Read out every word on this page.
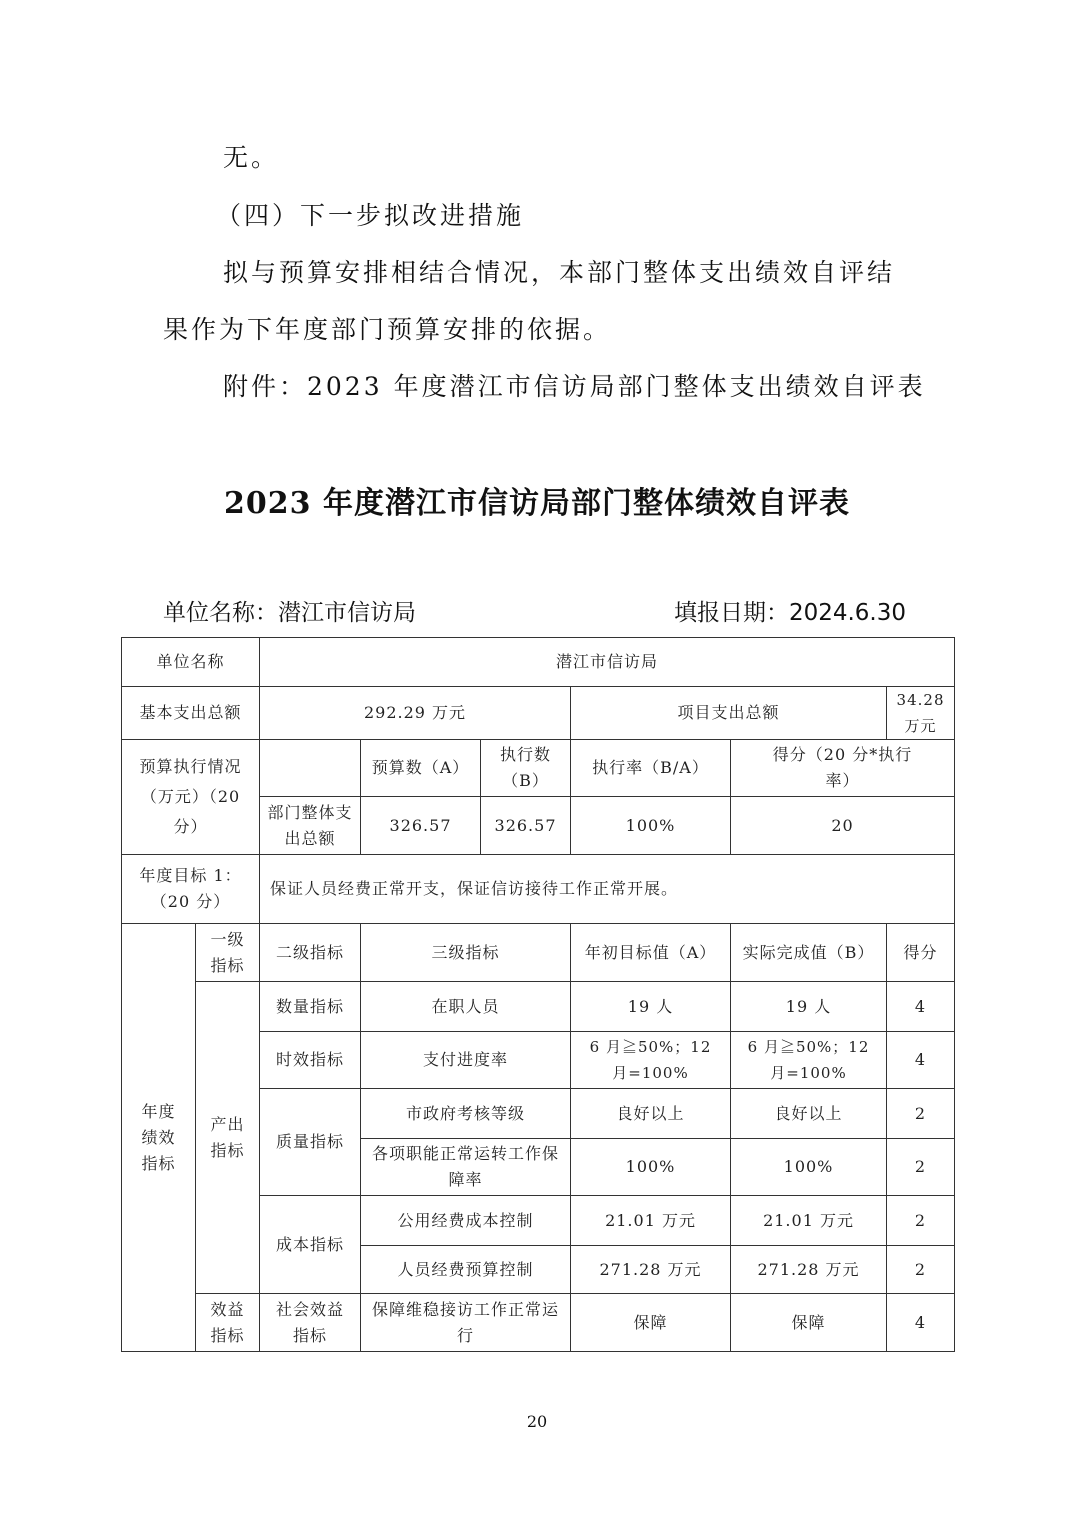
无。
（四）下一步拟改进措施
拟与预算安排相结合情况，本部门整体支出绩效自评结
果作为下年度部门预算安排的依据。
附件：2023 年度潜江市信访局部门整体支出绩效自评表
2023 年度潜江市信访局部门整体绩效自评表
单位名称：潜江市信访局	填报日期：2024.6.30
单位名称		潜江市信访局					
基本支出总额		292.29 万元			项目支出总额		34.28 万元
预算执行情况（万元）（20 分）			预算数（A）	执行数（B）	执行率（B/A）	得分（20 分*执行率）	
		部门整体支出总额	326.57	326.57	100%	20	
年度目标 1：（20 分）		保证人员经费正常开支，保证信访接待工作正常开展。					
年度绩效指标	一级指标	二级指标	三级指标		年初目标值（A）	实际完成值（B）	得分
	产出指标	数量指标	在职人员		19 人	19 人	4
		时效指标	支付进度率		6 月≧50%；12 月=100%	6 月≧50%；12 月=100%	4
		质量指标	市政府考核等级		良好以上	良好以上	2
			各项职能正常运转工作保障率		100%	100%	2
		成本指标	公用经费成本控制		21.01 万元	21.01 万元	2
			人员经费预算控制		271.28 万元	271.28 万元	2
	效益指标	社会效益指标	保障维稳接访工作正常运行		保障	保障	4
20
